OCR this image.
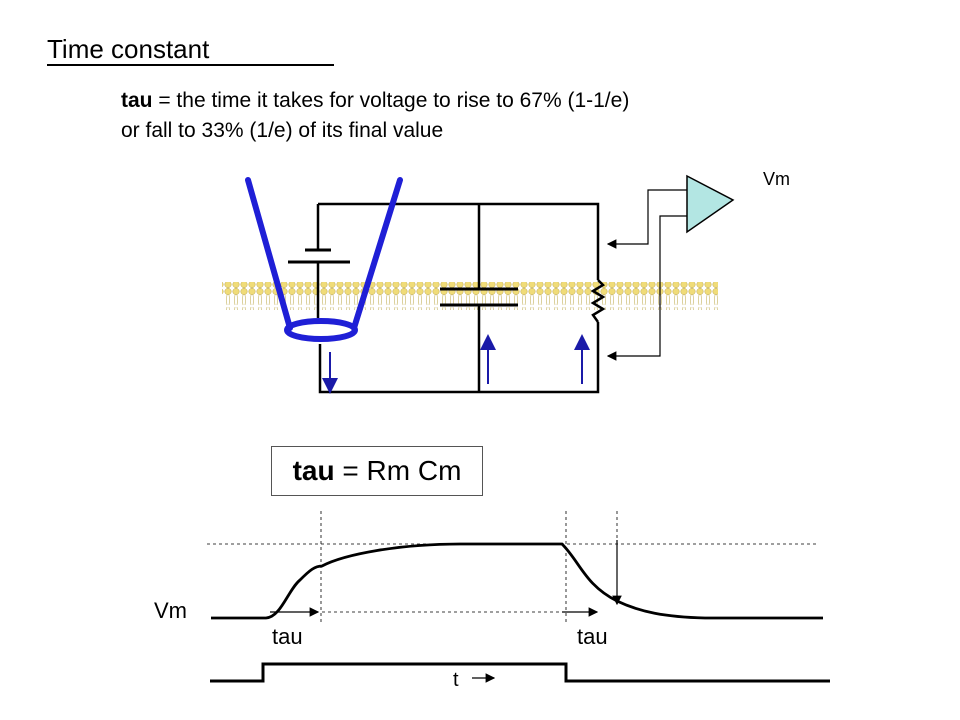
Time constant
tau = the time it takes for voltage to rise to 67% (1-1/e)
or fall to 33% (1/e) of its final value
Vm
tau = Rm Cm
Vm
tau	tau
t
